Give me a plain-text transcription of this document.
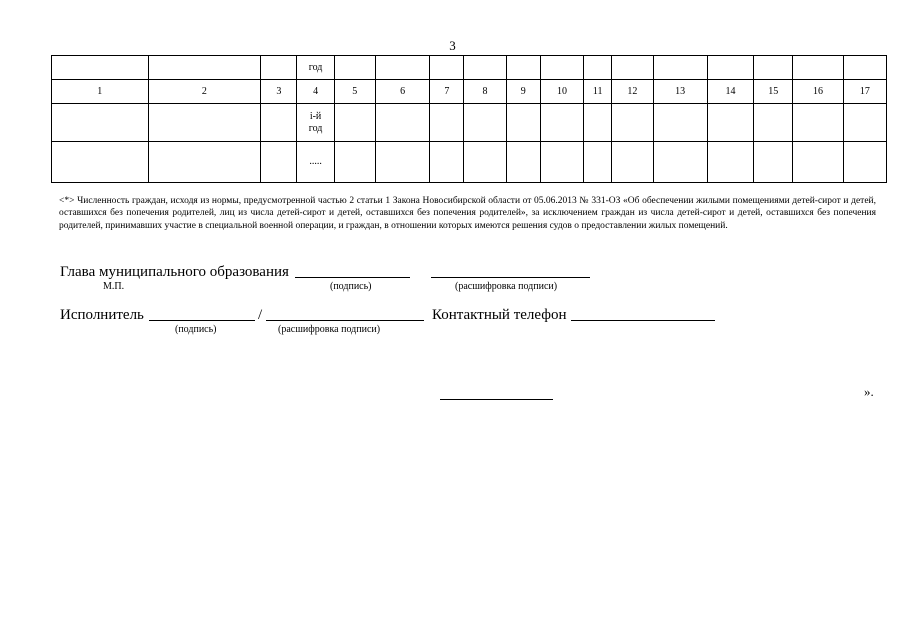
3
			год													
1	2	3	4	5	6	7	8	9	10	11	12	13	14	15	16	17

			i-й
год													

			.....													
<*> Численность граждан, исходя из нормы, предусмотренной частью 2 статьи 1 Закона Новосибирской области от 05.06.2013 № 331-ОЗ «Об обеспечении жилыми помещениями детей-сирот и детей, оставшихся без попечения родителей, лиц из числа детей-сирот и детей, оставшихся без попечения родителей», за исключением граждан из числа детей-сирот и детей, оставшихся без попечения родителей, принимавших участие в специальной военной операции, и граждан, в отношении которых имеются решения судов о предоставлении жилых помещений.
Глава муниципального образования
М.П.	(подпись)	(расшифровка подписи)
Исполнитель	/	Контактный телефон
(подпись)	(расшифровка подписи)
».
